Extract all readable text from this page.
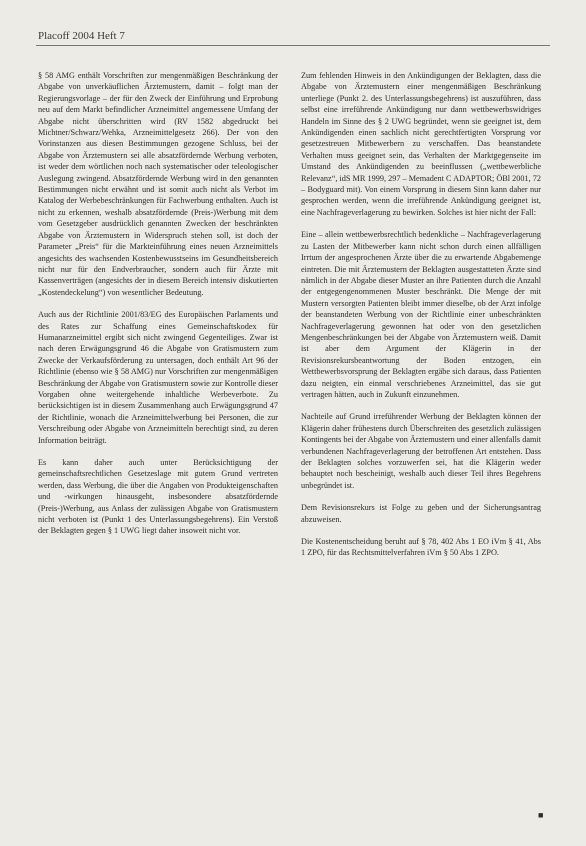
Placoff 2004 Heft 7

§ 58 AMG enthält Vorschriften zur mengenmäßigen Beschränkung der Abgabe von unverkäuflichen Ärztemustern, damit – folgt man der Regierungsvorlage – der für den Zweck der Einführung und Erprobung neu auf dem Markt befindlicher Arzneimittel angemessene Umfang der Abgabe nicht überschritten wird (RV 1582 abgedruckt bei Michtner/Schwarz/Wehka, Arzneimittelgesetz 266). Der von den Vorinstanzen aus diesen Bestimmungen gezogene Schluss, bei der Abgabe von Ärztemustern sei alle absatzfördernde Werbung verboten, ist weder dem wörtlichen noch nach systematischer oder teleologischer Auslegung zwingend. Absatzfördernde Werbung wird in den genannten Bestimmungen nicht erwähnt und ist somit auch nicht als Verbot im Katalog der Werbebeschränkungen für Fachwerbung enthalten. Auch ist nicht zu erkennen, weshalb absatzfördernde (Preis-)Werbung mit dem vom Gesetzgeber ausdrücklich genannten Zwecken der beschränkten Abgabe von Ärztemustern in Widerspruch stehen soll, ist doch der Parameter „Preis“ für die Markteinführung eines neuen Arzneimittels angesichts des wachsenden Kostenbewusstseins im Gesundheitsbereich nicht nur für den Endverbraucher, sondern auch für Ärzte mit Kassenverträgen (angesichts der in diesem Bereich intensiv diskutierten „Kostendeckelung“) von wesentlicher Bedeutung.

Auch aus der Richtlinie 2001/83/EG des Europäischen Parlaments und des Rates zur Schaffung eines Gemeinschaftskodex für Humanarzneimittel ergibt sich nicht zwingend Gegenteiliges. Zwar ist nach deren Erwägungsgrund 46 die Abgabe von Gratismustern zum Zwecke der Verkaufsförderung zu untersagen, doch enthält Art 96 der Richtlinie (ebenso wie § 58 AMG) nur Vorschriften zur mengenmäßigen Beschränkung der Abgabe von Gratismustern sowie zur Kontrolle dieser Vorgaben ohne weitergehende inhaltliche Werbeverbote. Zu berücksichtigen ist in diesem Zusammenhang auch Erwägungsgrund 47 der Richtlinie, wonach die Arzneimittelwerbung bei Personen, die zur Verschreibung oder Abgabe von Arzneimitteln berechtigt sind, zu deren Information beiträgt.

Es kann daher auch unter Berücksichtigung der gemeinschaftsrechtlichen Gesetzeslage mit gutem Grund vertreten werden, dass Werbung, die über die Angaben von Produkteigenschaften und -wirkungen hinausgeht, insbesondere absatzfördernde (Preis-)Werbung, aus Anlass der zulässigen Abgabe von Gratismustern nicht verboten ist (Punkt 1 des Unterlassungsbegehrens). Ein Verstoß der Beklagten gegen § 1 UWG liegt daher insoweit nicht vor.

Zum fehlenden Hinweis in den Ankündigungen der Beklagten, dass die Abgabe von Ärztemustern einer mengenmäßigen Beschränkung unterliege (Punkt 2. des Unterlassungsbegehrens) ist auszuführen, dass selbst eine irreführende Ankündigung nur dann wettbewerbswidriges Handeln im Sinne des § 2 UWG begründet, wenn sie geeignet ist, dem Ankündigenden einen sachlich nicht gerechtfertigten Vorsprung vor gesetzestreuen Mitbewerbern zu verschaffen. Das beanstandete Verhalten muss geeignet sein, das Verhalten der Marktgegenseite im Umstand des Ankündigenden zu beeinflussen („wettbewerbliche Relevanz“, idS MR 1999, 297 – Memadent C ADAPTOR; ÖBl 2001, 72 – Bodyguard mit). Von einem Vorsprung in diesem Sinn kann daher nur gesprochen werden, wenn die irreführende Ankündigung geeignet ist, eine Nachfrageverlagerung zu bewirken. Solches ist hier nicht der Fall:

Eine – allein wettbewerbsrechtlich bedenkliche – Nachfrageverlagerung zu Lasten der Mitbewerber kann nicht schon durch einen allfälligen Irrtum der angesprochenen Ärzte über die zu erwartende Abgabemenge eintreten. Die mit Ärztemustern der Beklagten ausgestatteten Ärzte sind nämlich in der Abgabe dieser Muster an ihre Patienten durch die Anzahl der entgegengenommenen Muster beschränkt. Die Menge der mit Mustern versorgten Patienten bleibt immer dieselbe, ob der Arzt infolge der beanstandeten Werbung von der Richtlinie einer unbeschränkten Nachfrageverlagerung gewonnen hat oder von den gesetzlichen Mengenbeschränkungen bei der Abgabe von Ärztemustern weiß. Damit ist aber dem Argument der Klägerin in der Revisionsrekursbeantwortung der Boden entzogen, ein Wettbewerbsvorsprung der Beklagten ergäbe sich daraus, dass Patienten dazu neigten, ein einmal verschriebenes Arzneimittel, das sie gut vertragen hätten, auch in Zukunft einzunehmen.

Nachteile auf Grund irreführender Werbung der Beklagten können der Klägerin daher frühestens durch Überschreiten des gesetzlich zulässigen Kontingents bei der Abgabe von Ärztemustern und einer allenfalls damit verbundenen Nachfrageverlagerung der betroffenen Art entstehen. Dass der Beklagten solches vorzuwerfen sei, hat die Klägerin weder behauptet noch bescheinigt, weshalb auch dieser Teil ihres Begehrens unbegründet ist.

Dem Revisionsrekurs ist Folge zu geben und der Sicherungsantrag abzuweisen.

Die Kostenentscheidung beruht auf § 78, 402 Abs 1 EO iVm § 41, Abs 1 ZPO, für das Rechtsmittelverfahren iVm § 50 Abs 1 ZPO.

■
